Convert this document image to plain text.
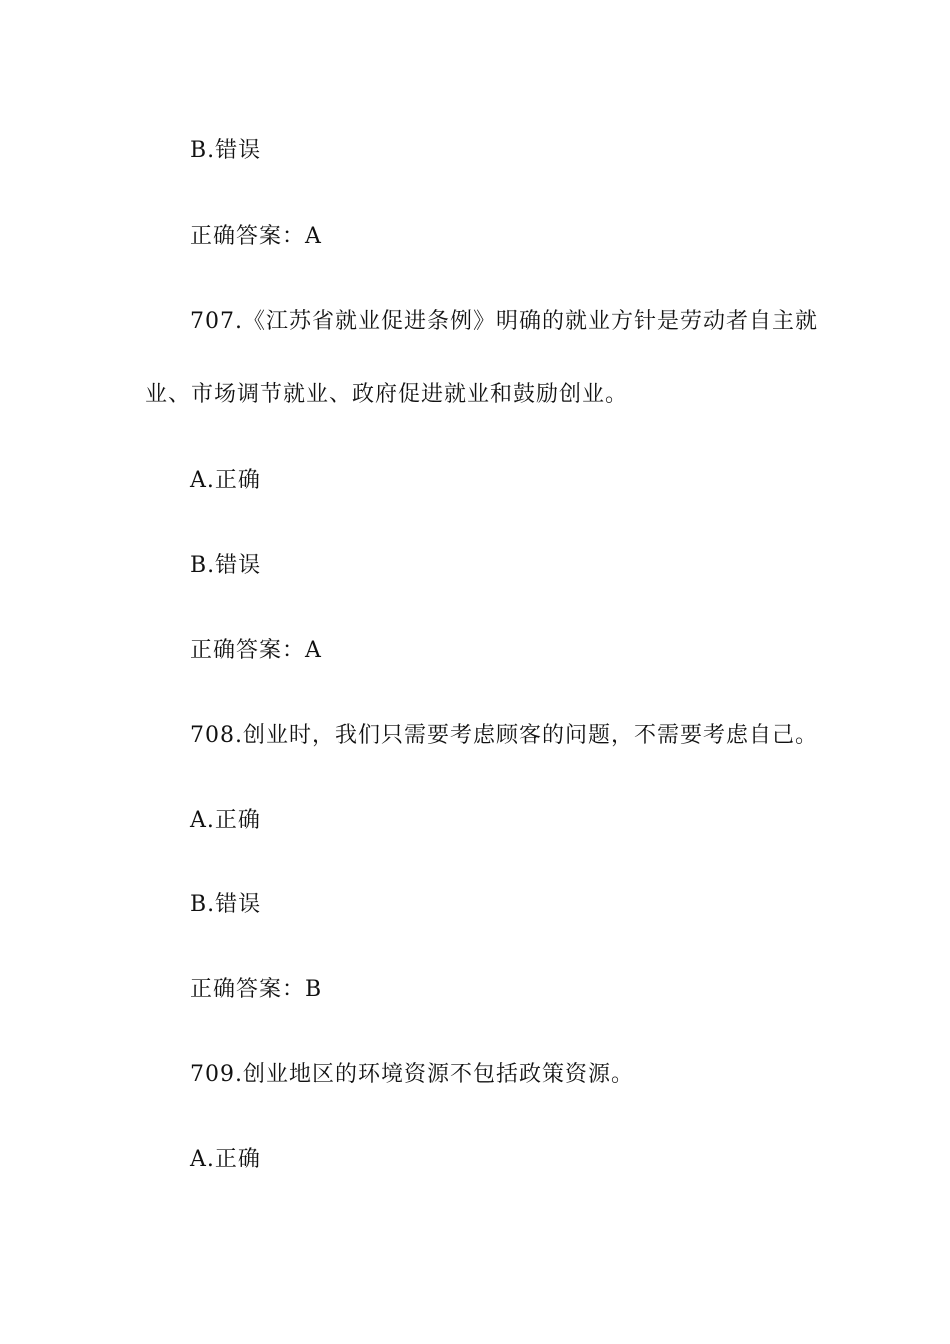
B.错误
正确答案：A
707.《江苏省就业促进条例》明确的就业方针是劳动者自主就
业、市场调节就业、政府促进就业和鼓励创业。
A.正确
B.错误
正确答案：A
708.创业时，我们只需要考虑顾客的问题，不需要考虑自己。
A.正确
B.错误
正确答案：B
709.创业地区的环境资源不包括政策资源。
A.正确
